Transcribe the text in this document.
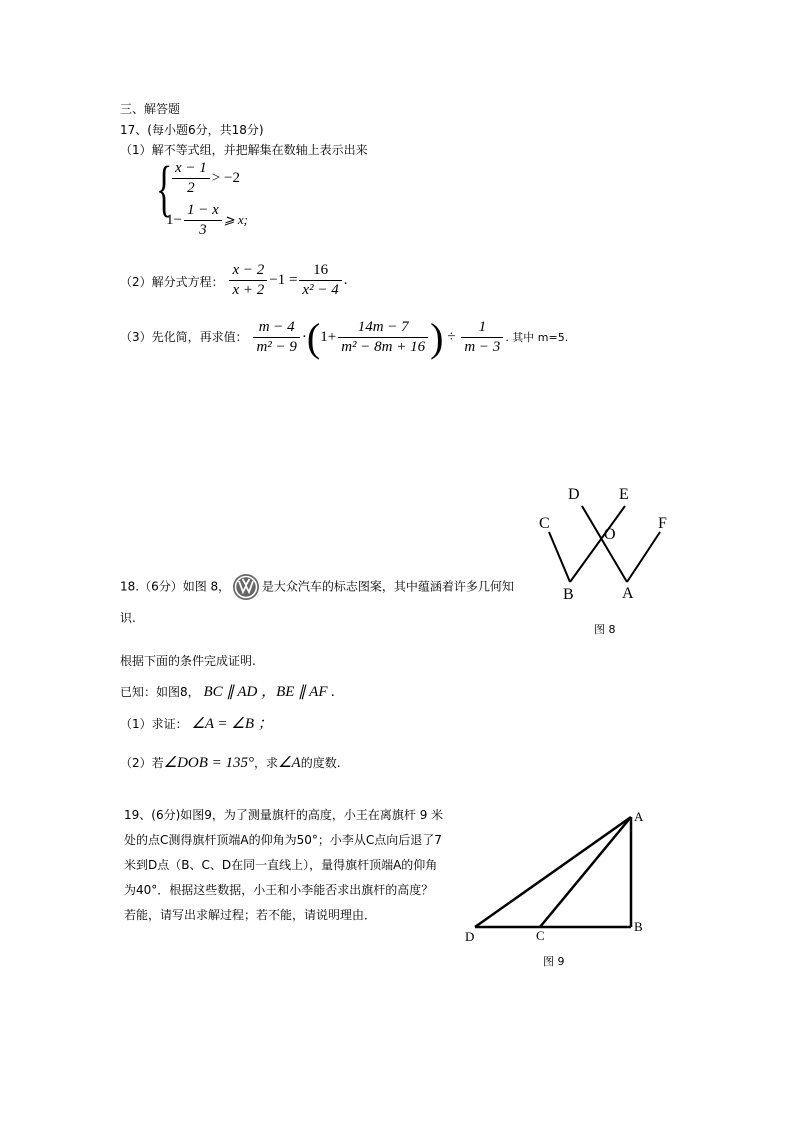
三、解答题
17、(每小题6分，共18分)
（1）解不等式组，并把解集在数轴上表示出来
{ $\frac{x - 1}{2} > -2$
$1- \frac{1 - x}{3}$ ⩾ x;
（2）解分式方程： $\frac{x - 2}{x + 2} -1 = \frac{16}{\text{x² − 4}}$ .
（3）先化简，再求值： $\frac{m - 4}{\text{m² − 9}} \cdot(1+ \frac{14m - 7}{\text{m² − 8m + 16}}$ ) ÷ $\frac{1}{m - 3}$ . 其中 m=5.
18.（6分）如图 8，	是大众汽车的标志图案，其中蕴涵着许多几何知
识.
根据下面的条件完成证明.
已知：如图8， BC ∥ AD ，BE ∥ AF .
（1）求证： ∠A = ∠B ；
（2）若∠DOB = 135°，求∠A的度数.
C
D E
O
F
B	A
图 8
19、(6分)如图9，为了测量旗杆的高度，小王在离旗杆 9 米处的点C测得旗杆顶端A的仰角为50°；小李从C点向后退了7米到D点（B、C、D在同一直线上），量得旗杆顶端A的仰角为40°．根据这些数据，小王和小李能否求出旗杆的高度？若能，请写出求解过程；若不能，请说明理由．
A
B
C
D
图 9
